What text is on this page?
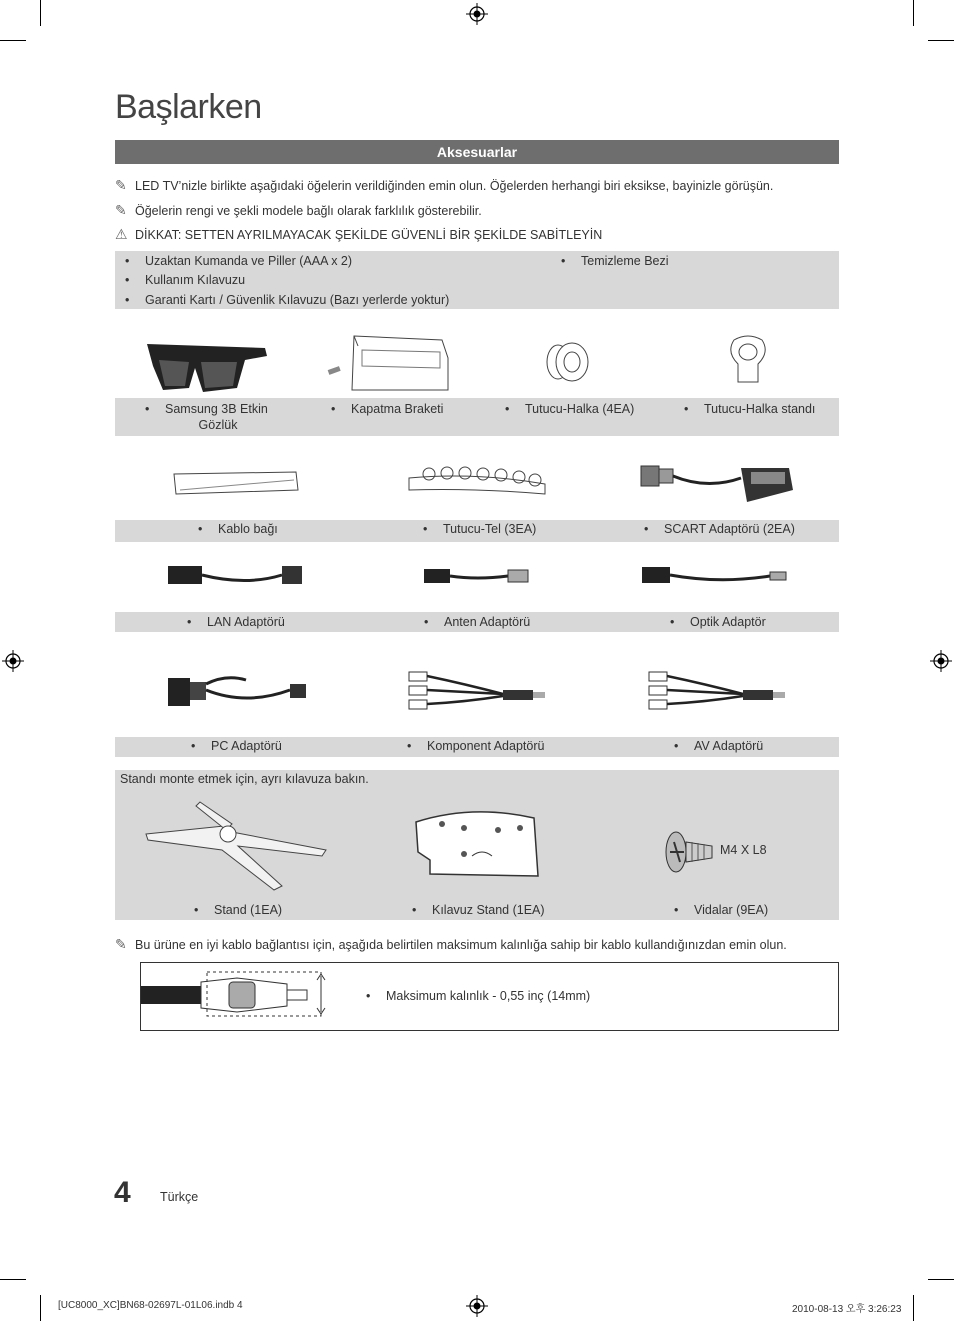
Başlarken
Aksesuarlar
✎ LED TV’nizle birlikte aşağıdaki öğelerin verildiğinden emin olun. Öğelerden herhangi biri eksikse, bayinizle görüşün.
✎ Öğelerin rengi ve şekli modele bağlı olarak farklılık gösterebilir.
⚠ DİKKAT: SETTEN AYRILMAYACAK ŞEKİLDE GÜVENLİ BİR ŞEKİLDE SABİTLEYİN
• Uzaktan Kumanda ve Piller (AAA x 2)
• Kullanım Kılavuzu
• Garanti Kartı / Güvenlik Kılavuzu (Bazı yerlerde yoktur)
• Temizleme Bezi
• Samsung 3B Etkin
Gözlük
• Kapatma Braketi	• Tutucu-Halka (4EA)	• Tutucu-Halka standı
• Kablo bağı	• Tutucu-Tel (3EA)	• SCART Adaptörü (2EA)
• LAN Adaptörü	• Anten Adaptörü	• Optik Adaptör
• PC Adaptörü	• Komponent Adaptörü	• AV Adaptörü
Standı monte etmek için, ayrı kılavuza bakın.
M4 X L8
• Stand (1EA)	• Kılavuz Stand (1EA)	• Vidalar (9EA)
✎ Bu ürüne en iyi kablo bağlantısı için, aşağıda belirtilen maksimum kalınlığa sahip bir kablo kullandığınızdan emin olun.
• Maksimum kalınlık - 0,55 inç (14mm)
4 Türkçe
[UC8000_XC]BN68-02697L-01L06.indb 4	2010-08-13 오후 3:26:23
